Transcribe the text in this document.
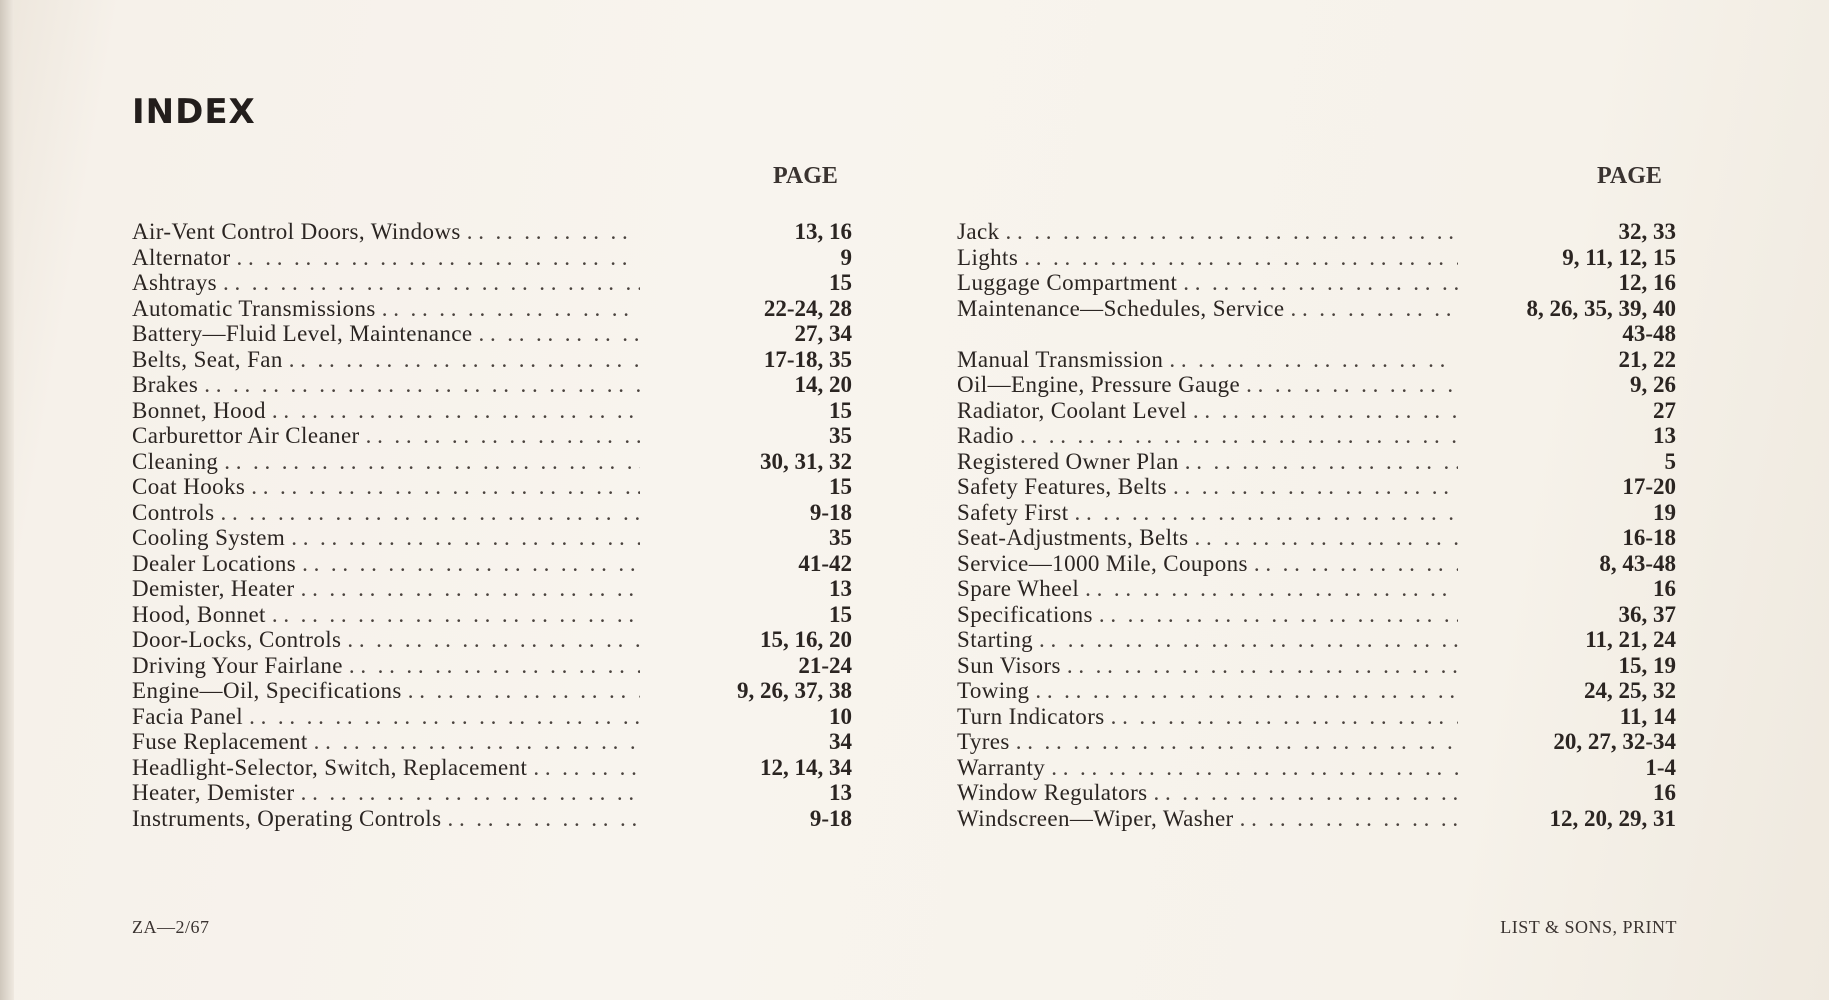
INDEX
PAGE	PAGE
Air-Vent Control Doors, Windows . .	13, 16
Alternator . .	9
Ashtrays . .	15
Automatic Transmissions . .	22-24, 28
Battery—Fluid Level, Maintenance . .	27, 34
Belts, Seat, Fan . .	17-18, 35
Brakes . .	14, 20
Bonnet, Hood . .	15
Carburettor Air Cleaner . .	35
Cleaning . .	30, 31, 32
Coat Hooks . .	15
Controls . .	9-18
Cooling System . .	35
Dealer Locations . .	41-42
Demister, Heater . .	13
Hood, Bonnet . .	15
Door-Locks, Controls . .	15, 16, 20
Driving Your Fairlane . .	21-24
Engine—Oil, Specifications . .	9, 26, 37, 38
Facia Panel . .	10
Fuse Replacement . .	34
Headlight-Selector, Switch, Replacement . .	12, 14, 34
Heater, Demister . .	13
Instruments, Operating Controls . .	9-18
Jack . .	32, 33
Lights . .	9, 11, 12, 15
Luggage Compartment . .	12, 16
Maintenance—Schedules, Service . .	8, 26, 35, 39, 40
43-48
Manual Transmission . .	21, 22
Oil—Engine, Pressure Gauge . .	9, 26
Radiator, Coolant Level . .	27
Radio . .	13
Registered Owner Plan . .	5
Safety Features, Belts . .	17-20
Safety First . .	19
Seat-Adjustments, Belts . .	16-18
Service—1000 Mile, Coupons . .	8, 43-48
Spare Wheel . .	16
Specifications . .	36, 37
Starting . .	11, 21, 24
Sun Visors . .	15, 19
Towing . .	24, 25, 32
Turn Indicators . .	11, 14
Tyres . .	20, 27, 32-34
Warranty . .	1-4
Window Regulators . .	16
Windscreen—Wiper, Washer . .	12, 20, 29, 31
ZA—2/67	LIST & SONS, PRINT
